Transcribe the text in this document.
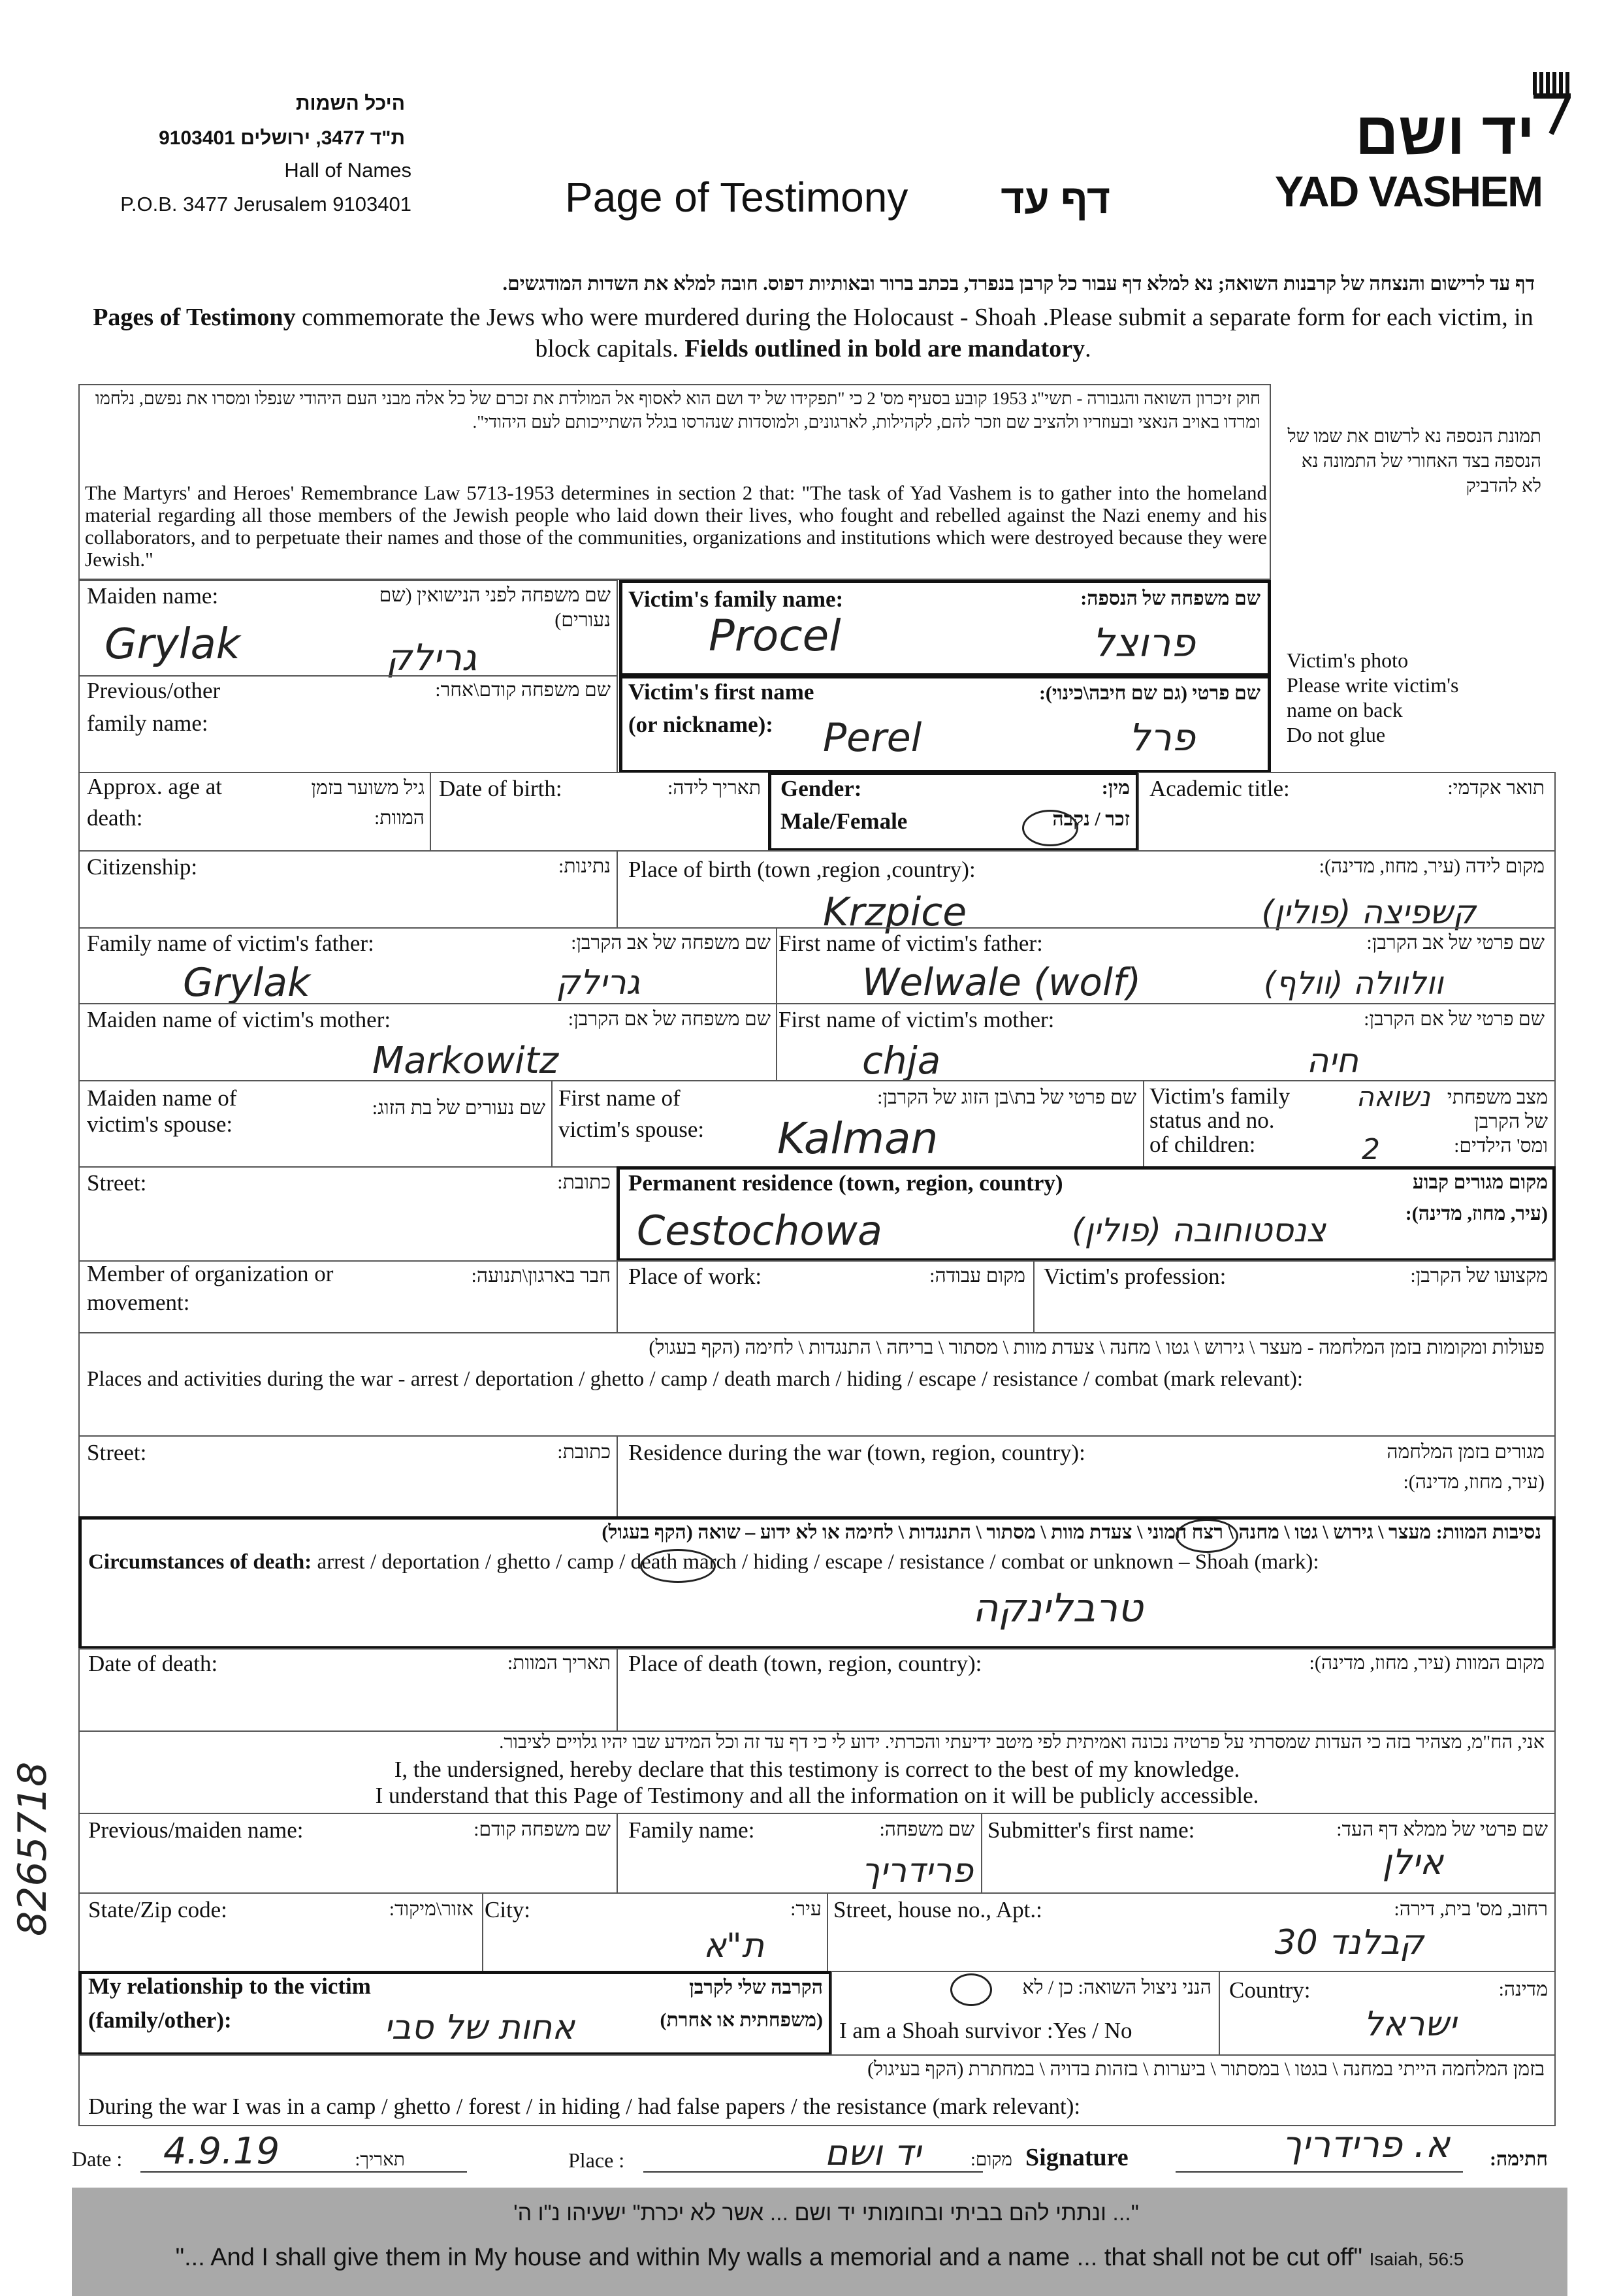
היכל השמות
ת"ד 3477, ירושלים 9103401
Hall of Names
P.O.B. 3477 Jerusalem 9103401	Page of Testimony	דף עד
יד ושם
YAD VASHEM
דף עד לרישום והנצחה של קרבנות השואה; נא למלא דף עבור כל קרבן בנפרד, בכתב ברור ובאותיות דפוס. חובה למלא את השדות המודגשים.
Pages of Testimony commemorate the Jews who were murdered during the Holocaust - Shoah .Please submit a separate form for each victim, in block capitals. Fields outlined in bold are mandatory.
חוק זיכרון השואה והגבורה - תשי"ג 1953 קובע בסעיף מס' 2 כי "תפקידו של יד ושם הוא לאסוף אל המולדת את זכרם של כל אלה מבני העם היהודי שנפלו ומסרו את נפשם, נלחמו ומרדו באויב הנאצי ובעוזריו ולהציב שם וזכר להם, לקהילות, לארגונים, ולמוסדות שנהרסו בגלל השתייכותם לעם היהודי".
The Martyrs' and Heroes' Remembrance Law 5713-1953 determines in section 2 that: "The task of Yad Vashem is to gather into the homeland material regarding all those members of the Jewish people who laid down their lives, who fought and rebelled against the Nazi enemy and his collaborators, and to perpetuate their names and those of the communities, organizations and institutions which were destroyed because they were Jewish."
תמונת הנספה נא לרשום את שמו של הנספה בצד האחורי של התמונה נא לא להדביק
Victim's photo
Please write victim's
name on back
Do not glue
Maiden name:	שם משפחה לפני הנישואין (שם נעורים)
Grylak	גרילק
Previous/other
family name:
שם משפחה קודם\אחר:
Victim's family name:	שם משפחה של הנספה:
Procel	פרוצל
Victim's first name
(or nickname):
שם פרטי (גם שם חיבה\כינוי):
Perel	פרל
Approx. age at
death:
גיל משוער בזמן
המוות:
Date of birth:	תאריך לידה: Gender:
Male/Female
מין:
זכר / נקבה
Academic title:	תואר אקדמי:
Citizenship:	נתינות: Place of birth (town ,region ,country):	מקום לידה (עיר, מחוז, מדינה):
Krzpice	קשפיצה (פולין)
Family name of victim's father:	שם משפחה של אב הקרבן:
Grylak	גרילק
First name of victim's father:	שם פרטי של אב הקרבן:
Welwale (wolf)	וולוולה (וולף)
Maiden name of victim's mother:	שם משפחה של אם הקרבן:
Markowitz
First name of victim's mother:	שם פרטי של אם הקרבן:
chja	חיה
Maiden name of
victim's spouse:
שם נעורים של בת הזוג: First name of
victim's spouse:
שם פרטי של בת\בן הזוג של הקרבן:
Kalman
Victim's family
status and no.
of children:
מצב משפחתי
של הקרבן
ומס' הילדים:
נשואה
2
Street:	כתובת: Permanent residence (town, region, country)	מקום מגורים קבוע
(עיר, מחוז, מדינה):
Cestochowa	צנסטוחובה (פולין)
Member of organization or
movement:
חבר בארגון\תנועה: Place of work:	מקום עבודה: Victim's profession:	מקצועו של הקרבן:
פעולות ומקומות בזמן המלחמה - מעצר \ גירוש \ גטו \ מחנה \ צעדת מוות \ מסתור \ בריחה \ התנגדות \ לחימה (הקף בעגול)
Places and activities during the war - arrest / deportation / ghetto / camp / death march / hiding / escape / resistance / combat (mark relevant):
Street:	כתובת: Residence during the war (town, region, country):	מגורים בזמן המלחמה
(עיר, מחוז, מדינה):
נסיבות המוות: מעצר \ גירוש \ גטו \ מחנה \ רצח המוני \ צעדת מוות \ מסתור \ התנגדות \ לחימה או לא ידוע – שואה (הקף בעגול)
Circumstances of death: arrest / deportation / ghetto / camp / death march / hiding / escape / resistance / combat or unknown – Shoah (mark):
טרבלינקה
Date of death:	תאריך המוות: Place of death (town, region, country):	מקום המוות (עיר, מחוז, מדינה):
אני, הח"מ, מצהיר בזה כי העדות שמסרתי על פרטיה נכונה ואמיתית לפי מיטב ידיעתי והכרתי. ידוע לי כי דף עד זה וכל המידע שבו יהיו גלויים לציבור.
I, the undersigned, hereby declare that this testimony is correct to the best of my knowledge.
I understand that this Page of Testimony and all the information on it will be publicly accessible.
Previous/maiden name:	שם משפחה קודם: Family name:	שם משפחה:
פרידריך
Submitter's first name:	שם פרטי של ממלא דף העד:
אילן
State/Zip code:	אזור\מיקוד: City:	עיר:
ת"א
Street, house no., Apt.:	רחוב, מס' בית, דירה:
קבלנד 30
My relationship to the victim
(family/other):
הקרבה שלי לקרבן
(משפחתית או אחרת)
אחות של סבי
הנני ניצול השואה: כן / לא
I am a Shoah survivor :Yes / No
Country:	מדינה:
ישראל
בזמן המלחמה הייתי במחנה \ בגטו \ במסתור \ ביערות \ בזהות בדויה \ במחתרת (הקף בעיגול)
During the war I was in a camp / ghetto / forest / in hiding / had false papers / the resistance (mark relevant):
Date : 4.9.19	תאריך:	Place :	יד ושם	מקום: Signature	א. פרידריך	חתימה:
"... ונתתי להם בביתי ובחומותי יד ושם ... אשר לא יכרת" ישעיהו נ"ו ה'
"... And I shall give them in My house and within My walls a memorial and a name ... that shall not be cut off" Isaiah, 56:5
8265718
